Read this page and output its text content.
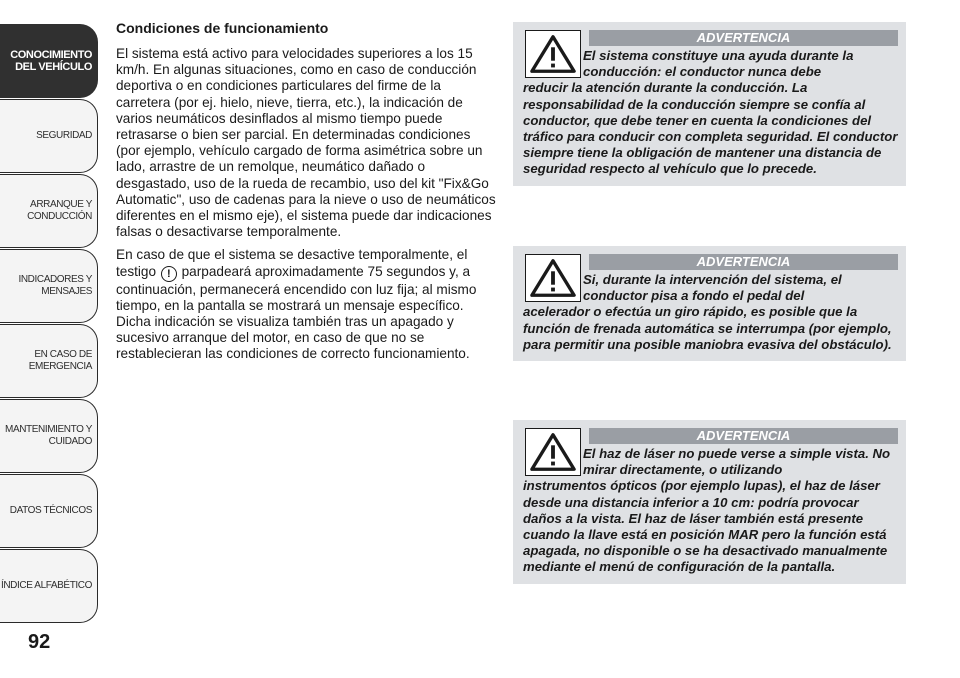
CONOCIMIENTO
DEL VEHÍCULO
SEGURIDAD
ARRANQUE Y
CONDUCCIÓN
INDICADORES Y
MENSAJES
EN CASO DE
EMERGENCIA
MANTENIMIENTO Y
CUIDADO
DATOS TÉCNICOS
ÍNDICE ALFABÉTICO
92
Condiciones de funcionamiento

El sistema está activo para velocidades superiores a los 15 km/h. En algunas situaciones, como en caso de conducción deportiva o en condiciones particulares del firme de la carretera (por ej. hielo, nieve, tierra, etc.), la indicación de varios neumáticos desinflados al mismo tiempo puede retrasarse o bien ser parcial. En determinadas condiciones (por ejemplo, vehículo cargado de forma asimétrica sobre un lado, arrastre de un remolque, neumático dañado o desgastado, uso de la rueda de recambio, uso del kit "Fix&Go Automatic", uso de cadenas para la nieve o uso de neumáticos diferentes en el mismo eje), el sistema puede dar indicaciones falsas o desactivarse temporalmente.

En caso de que el sistema se desactive temporalmente, el testigo ! parpadeará aproximadamente 75 segundos y, a continuación, permanecerá encendido con luz fija; al mismo tiempo, en la pantalla se mostrará un mensaje específico. Dicha indicación se visualiza también tras un apagado y sucesivo arranque del motor, en caso de que no se restablecieran las condiciones de correcto funcionamiento.

ADVERTENCIA
El sistema constituye una ayuda durante la conducción: el conductor nunca debe
reducir la atención durante la conducción. La responsabilidad de la conducción siempre se confía al conductor, que debe tener en cuenta la condiciones del tráfico para conducir con completa seguridad. El conductor siempre tiene la obligación de mantener una distancia de seguridad respecto al vehículo que lo precede.
ADVERTENCIA
Si, durante la intervención del sistema, el conductor pisa a fondo el pedal del
acelerador o efectúa un giro rápido, es posible que la función de frenada automática se interrumpa (por ejemplo, para permitir una posible maniobra evasiva del obstáculo).
ADVERTENCIA
El haz de láser no puede verse a simple vista. No mirar directamente, o utilizando
instrumentos ópticos (por ejemplo lupas), el haz de láser desde una distancia inferior a 10 cm: podría provocar daños a la vista. El haz de láser también está presente cuando la llave está en posición MAR pero la función está apagada, no disponible o se ha desactivado manualmente mediante el menú de configuración de la pantalla.
